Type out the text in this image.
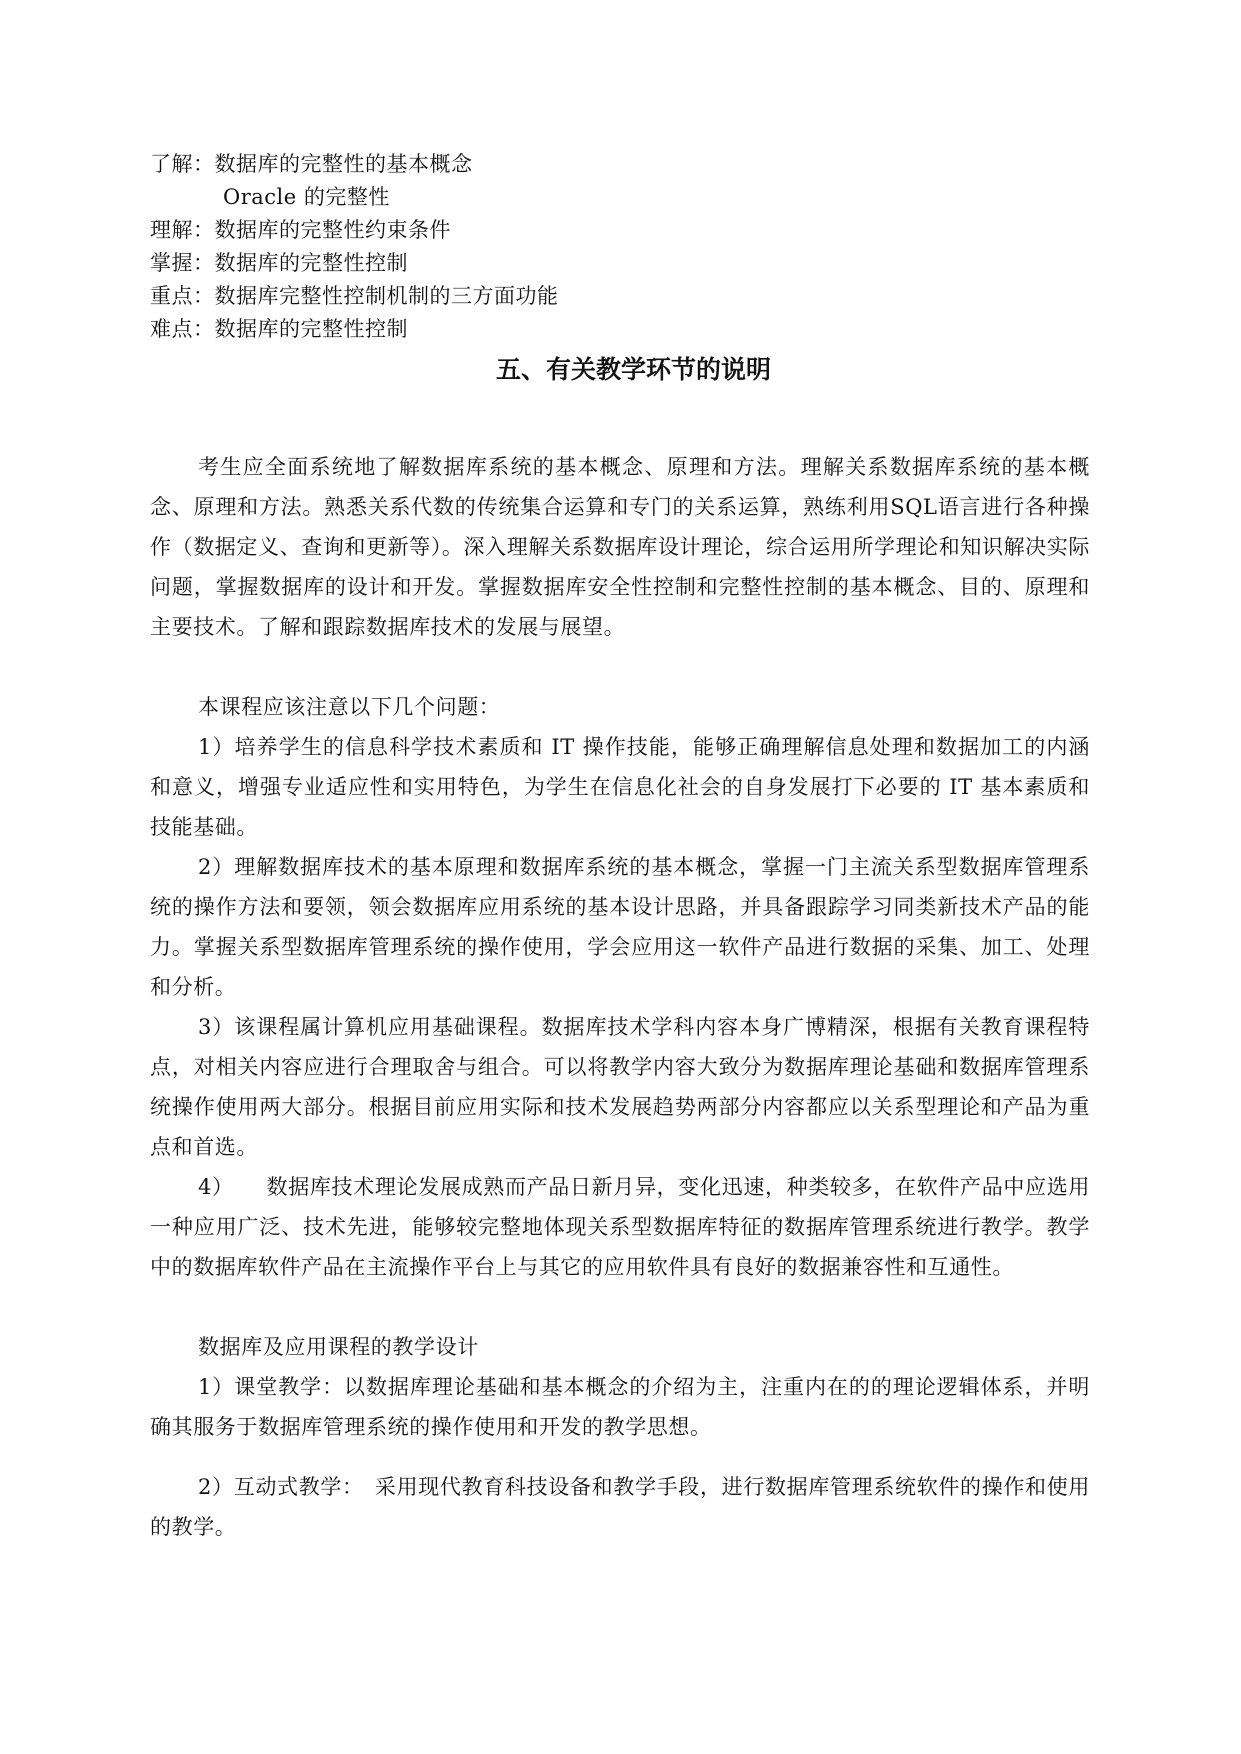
了解：数据库的完整性的基本概念
Oracle 的完整性
理解：数据库的完整性约束条件
掌握：数据库的完整性控制
重点：数据库完整性控制机制的三方面功能
难点：数据库的完整性控制
五、有关教学环节的说明

考生应全面系统地了解数据库系统的基本概念、原理和方法。理解关系数据库系统的基本概念、原理和方法。熟悉关系代数的传统集合运算和专门的关系运算，熟练利用SQL语言进行各种操作（数据定义、查询和更新等）。深入理解关系数据库设计理论，综合运用所学理论和知识解决实际问题，掌握数据库的设计和开发。掌握数据库安全性控制和完整性控制的基本概念、目的、原理和主要技术。了解和跟踪数据库技术的发展与展望。

本课程应该注意以下几个问题：

1）培养学生的信息科学技术素质和 IT 操作技能，能够正确理解信息处理和数据加工的内涵和意义，增强专业适应性和实用特色，为学生在信息化社会的自身发展打下必要的 IT 基本素质和技能基础。

2）理解数据库技术的基本原理和数据库系统的基本概念，掌握一门主流关系型数据库管理系统的操作方法和要领，领会数据库应用系统的基本设计思路，并具备跟踪学习同类新技术产品的能力。掌握关系型数据库管理系统的操作使用，学会应用这一软件产品进行数据的采集、加工、处理和分析。

3）该课程属计算机应用基础课程。数据库技术学科内容本身广博精深，根据有关教育课程特点，对相关内容应进行合理取舍与组合。可以将教学内容大致分为数据库理论基础和数据库管理系统操作使用两大部分。根据目前应用实际和技术发展趋势两部分内容都应以关系型理论和产品为重点和首选。

4）　　数据库技术理论发展成熟而产品日新月异，变化迅速，种类较多，在软件产品中应选用一种应用广泛、技术先进，能够较完整地体现关系型数据库特征的数据库管理系统进行教学。教学中的数据库软件产品在主流操作平台上与其它的应用软件具有良好的数据兼容性和互通性。

数据库及应用课程的教学设计

1）课堂教学：以数据库理论基础和基本概念的介绍为主，注重内在的的理论逻辑体系，并明确其服务于数据库管理系统的操作使用和开发的教学思想。

2）互动式教学：　采用现代教育科技设备和教学手段，进行数据库管理系统软件的操作和使用的教学。
